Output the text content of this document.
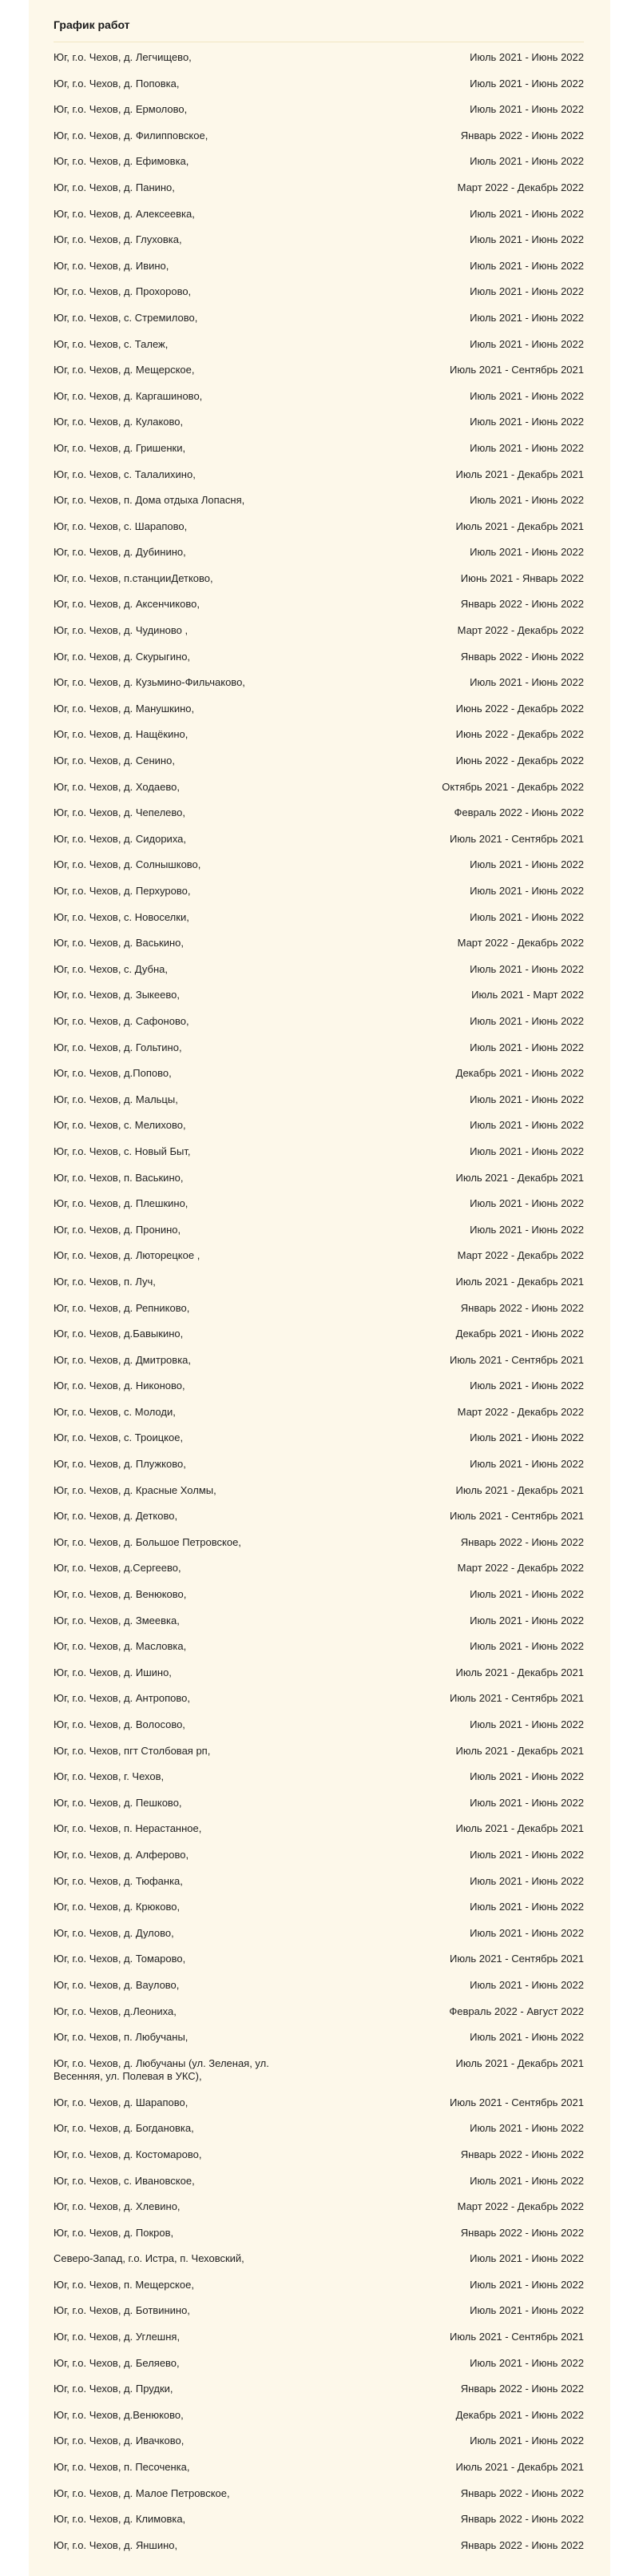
График работ
Юг, г.о. Чехов, д. Легчищево,	Июль 2021 - Июнь 2022
Юг, г.о. Чехов, д. Поповка,	Июль 2021 - Июнь 2022
Юг, г.о. Чехов, д. Ермолово,	Июль 2021 - Июнь 2022
Юг, г.о. Чехов, д. Филипповское,	Январь 2022 - Июнь 2022
Юг, г.о. Чехов, д. Ефимовка,	Июль 2021 - Июнь 2022
Юг, г.о. Чехов, д. Панино,	Март 2022 - Декабрь 2022
Юг, г.о. Чехов, д. Алексеевка,	Июль 2021 - Июнь 2022
Юг, г.о. Чехов, д. Глуховка,	Июль 2021 - Июнь 2022
Юг, г.о. Чехов, д. Ивино,	Июль 2021 - Июнь 2022
Юг, г.о. Чехов, д. Прохорово,	Июль 2021 - Июнь 2022
Юг, г.о. Чехов, с. Стремилово,	Июль 2021 - Июнь 2022
Юг, г.о. Чехов, с. Талеж,	Июль 2021 - Июнь 2022
Юг, г.о. Чехов, д. Мещерское,	Июль 2021 - Сентябрь 2021
Юг, г.о. Чехов, д. Каргашиново,	Июль 2021 - Июнь 2022
Юг, г.о. Чехов, д. Кулаково,	Июль 2021 - Июнь 2022
Юг, г.о. Чехов, д. Гришенки,	Июль 2021 - Июнь 2022
Юг, г.о. Чехов, с. Талалихино,	Июль 2021 - Декабрь 2021
Юг, г.о. Чехов, п. Дома отдыха Лопасня,	Июль 2021 - Июнь 2022
Юг, г.о. Чехов, с. Шарапово,	Июль 2021 - Декабрь 2021
Юг, г.о. Чехов, д. Дубинино,	Июль 2021 - Июнь 2022
Юг, г.о. Чехов, п.станцииДетково,	Июнь 2021 - Январь 2022
Юг, г.о. Чехов, д. Аксенчиково,	Январь 2022 - Июнь 2022
Юг, г.о. Чехов, д. Чудиново ,	Март 2022 - Декабрь 2022
Юг, г.о. Чехов, д. Скурыгино,	Январь 2022 - Июнь 2022
Юг, г.о. Чехов, д. Кузьмино-Фильчаково,	Июль 2021 - Июнь 2022
Юг, г.о. Чехов, д. Манушкино,	Июнь 2022 - Декабрь 2022
Юг, г.о. Чехов, д. Нащёкино,	Июнь 2022 - Декабрь 2022
Юг, г.о. Чехов, д. Сенино,	Июнь 2022 - Декабрь 2022
Юг, г.о. Чехов, д. Ходаево,	Октябрь 2021 - Декабрь 2022
Юг, г.о. Чехов, д. Чепелево,	Февраль 2022 - Июнь 2022
Юг, г.о. Чехов, д. Сидориха,	Июль 2021 - Сентябрь 2021
Юг, г.о. Чехов, д. Солнышково,	Июль 2021 - Июнь 2022
Юг, г.о. Чехов, д. Перхурово,	Июль 2021 - Июнь 2022
Юг, г.о. Чехов, с. Новоселки,	Июль 2021 - Июнь 2022
Юг, г.о. Чехов, д. Васькино,	Март 2022 - Декабрь 2022
Юг, г.о. Чехов, с. Дубна,	Июль 2021 - Июнь 2022
Юг, г.о. Чехов, д. Зыкеево,	Июль 2021 - Март 2022
Юг, г.о. Чехов, д. Сафоново,	Июль 2021 - Июнь 2022
Юг, г.о. Чехов, д. Гольтино,	Июль 2021 - Июнь 2022
Юг, г.о. Чехов, д.Попово,	Декабрь 2021 - Июнь 2022
Юг, г.о. Чехов, д. Мальцы,	Июль 2021 - Июнь 2022
Юг, г.о. Чехов, с. Мелихово,	Июль 2021 - Июнь 2022
Юг, г.о. Чехов, с. Новый Быт,	Июль 2021 - Июнь 2022
Юг, г.о. Чехов, п. Васькино,	Июль 2021 - Декабрь 2021
Юг, г.о. Чехов, д. Плешкино,	Июль 2021 - Июнь 2022
Юг, г.о. Чехов, д. Пронино,	Июль 2021 - Июнь 2022
Юг, г.о. Чехов, д. Люторецкое ,	Март 2022 - Декабрь 2022
Юг, г.о. Чехов, п. Луч,	Июль 2021 - Декабрь 2021
Юг, г.о. Чехов, д. Репниково,	Январь 2022 - Июнь 2022
Юг, г.о. Чехов, д.Бавыкино,	Декабрь 2021 - Июнь 2022
Юг, г.о. Чехов, д. Дмитровка,	Июль 2021 - Сентябрь 2021
Юг, г.о. Чехов, д. Никоново,	Июль 2021 - Июнь 2022
Юг, г.о. Чехов, с. Молоди,	Март 2022 - Декабрь 2022
Юг, г.о. Чехов, с. Троицкое,	Июль 2021 - Июнь 2022
Юг, г.о. Чехов, д. Плужково,	Июль 2021 - Июнь 2022
Юг, г.о. Чехов, д. Красные Холмы,	Июль 2021 - Декабрь 2021
Юг, г.о. Чехов, д. Детково,	Июль 2021 - Сентябрь 2021
Юг, г.о. Чехов, д. Большое Петровское,	Январь 2022 - Июнь 2022
Юг, г.о. Чехов, д.Сергеево,	Март 2022 - Декабрь 2022
Юг, г.о. Чехов, д. Венюково,	Июль 2021 - Июнь 2022
Юг, г.о. Чехов, д. Змеевка,	Июль 2021 - Июнь 2022
Юг, г.о. Чехов, д. Масловка,	Июль 2021 - Июнь 2022
Юг, г.о. Чехов, д. Ишино,	Июль 2021 - Декабрь 2021
Юг, г.о. Чехов, д. Антропово,	Июль 2021 - Сентябрь 2021
Юг, г.о. Чехов, д. Волосово,	Июль 2021 - Июнь 2022
Юг, г.о. Чехов, пгт Столбовая рп,	Июль 2021 - Декабрь 2021
Юг, г.о. Чехов, г. Чехов,	Июль 2021 - Июнь 2022
Юг, г.о. Чехов, д. Пешково,	Июль 2021 - Июнь 2022
Юг, г.о. Чехов, п. Нерастанное,	Июль 2021 - Декабрь 2021
Юг, г.о. Чехов, д. Алферово,	Июль 2021 - Июнь 2022
Юг, г.о. Чехов, д. Тюфанка,	Июль 2021 - Июнь 2022
Юг, г.о. Чехов, д. Крюково,	Июль 2021 - Июнь 2022
Юг, г.о. Чехов, д. Дулово,	Июль 2021 - Июнь 2022
Юг, г.о. Чехов, д. Томарово,	Июль 2021 - Сентябрь 2021
Юг, г.о. Чехов, д. Ваулово,	Июль 2021 - Июнь 2022
Юг, г.о. Чехов, д.Леониха,	Февраль 2022 - Август 2022
Юг, г.о. Чехов, п. Любучаны,	Июль 2021 - Июнь 2022
Юг, г.о. Чехов, д. Любучаны (ул. Зеленая, ул. Весенняя, ул. Полевая в УКС),
Июль 2021 - Декабрь 2021
Юг, г.о. Чехов, д. Шарапово,	Июль 2021 - Сентябрь 2021
Юг, г.о. Чехов, д. Богдановка,	Июль 2021 - Июнь 2022
Юг, г.о. Чехов, д. Костомарово,	Январь 2022 - Июнь 2022
Юг, г.о. Чехов, с. Ивановское,	Июль 2021 - Июнь 2022
Юг, г.о. Чехов, д. Хлевино,	Март 2022 - Декабрь 2022
Юг, г.о. Чехов, д. Покров,	Январь 2022 - Июнь 2022
Северо-Запад, г.о. Истра, п. Чеховский,	Июль 2021 - Июнь 2022
Юг, г.о. Чехов, п. Мещерское,	Июль 2021 - Июнь 2022
Юг, г.о. Чехов, д. Ботвинино,	Июль 2021 - Июнь 2022
Юг, г.о. Чехов, д. Углешня,	Июль 2021 - Сентябрь 2021
Юг, г.о. Чехов, д. Беляево,	Июль 2021 - Июнь 2022
Юг, г.о. Чехов, д. Прудки,	Январь 2022 - Июнь 2022
Юг, г.о. Чехов, д.Венюково,	Декабрь 2021 - Июнь 2022
Юг, г.о. Чехов, д. Ивачково,	Июль 2021 - Июнь 2022
Юг, г.о. Чехов, п. Песоченка,	Июль 2021 - Декабрь 2021
Юг, г.о. Чехов, д. Малое Петровское,	Январь 2022 - Июнь 2022
Юг, г.о. Чехов, д. Климовка,	Январь 2022 - Июнь 2022
Юг, г.о. Чехов, д. Яншино,	Январь 2022 - Июнь 2022
